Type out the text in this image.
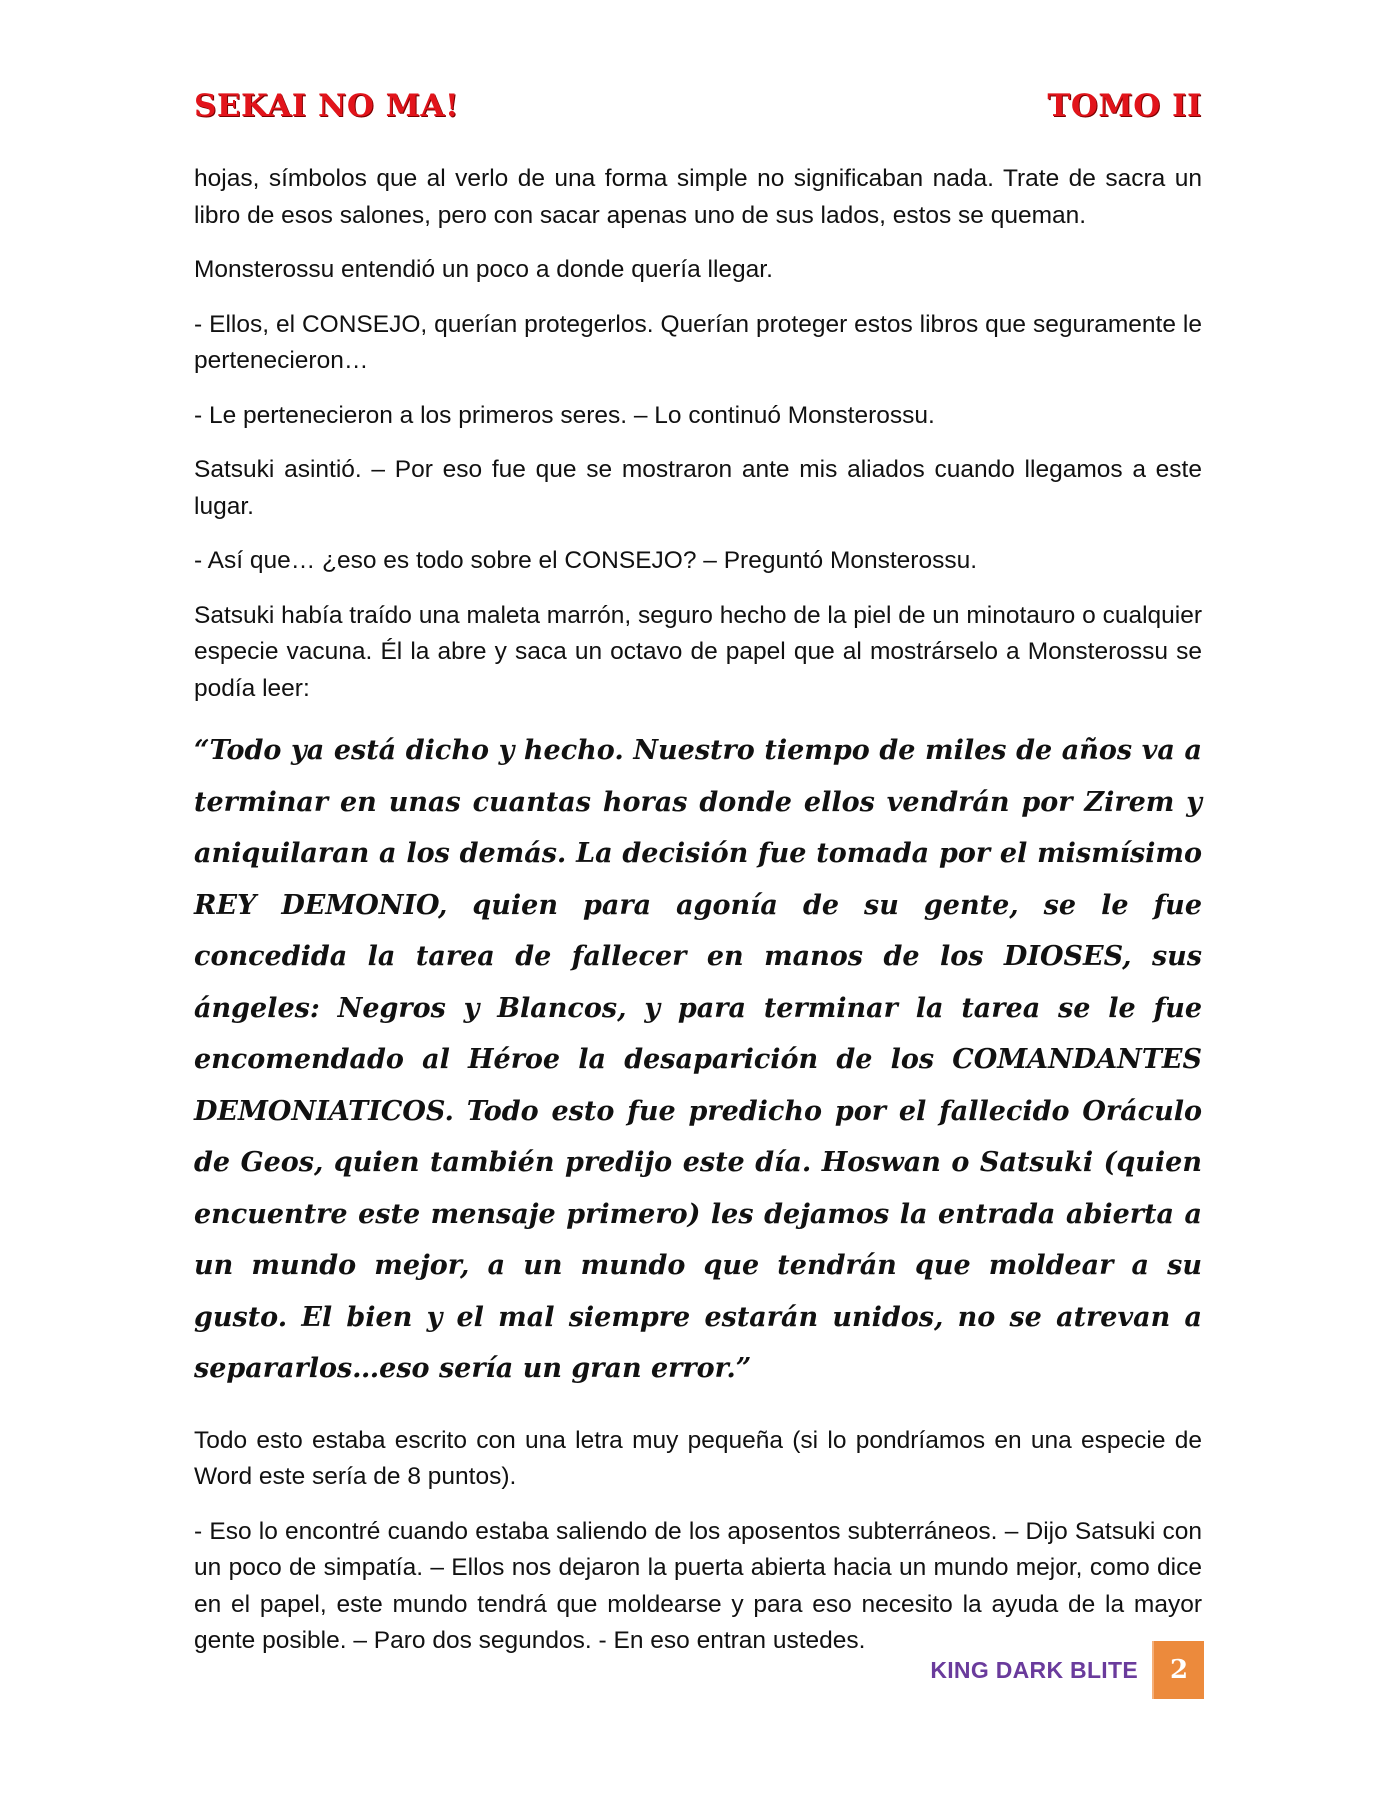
SEKAI NO MA!	TOMO II

hojas, símbolos que al verlo de una forma simple no significaban nada. Trate de sacra un libro de esos salones, pero con sacar apenas uno de sus lados, estos se queman.

Monsterossu entendió un poco a donde quería llegar.

- Ellos, el CONSEJO, querían protegerlos. Querían proteger estos libros que seguramente le pertenecieron…

- Le pertenecieron a los primeros seres. – Lo continuó Monsterossu.

Satsuki asintió. – Por eso fue que se mostraron ante mis aliados cuando llegamos a este lugar.

- Así que… ¿eso es todo sobre el CONSEJO? – Preguntó Monsterossu.

Satsuki había traído una maleta marrón, seguro hecho de la piel de un minotauro o cualquier especie vacuna. Él la abre y saca un octavo de papel que al mostrárselo a Monsterossu se podía leer:

“Todo ya está dicho y hecho. Nuestro tiempo de miles de años va a terminar en unas cuantas horas donde ellos vendrán por Zirem y aniquilaran a los demás. La decisión fue tomada por el mismísimo REY DEMONIO, quien para agonía de su gente, se le fue concedida la tarea de fallecer en manos de los DIOSES, sus ángeles: Negros y Blancos, y para terminar la tarea se le fue encomendado al Héroe la desaparición de los COMANDANTES DEMONIATICOS. Todo esto fue predicho por el fallecido Oráculo de Geos, quien también predijo este día. Hoswan o Satsuki (quien encuentre este mensaje primero) les dejamos la entrada abierta a un mundo mejor, a un mundo que tendrán que moldear a su gusto. El bien y el mal siempre estarán unidos, no se atrevan a separarlos…eso sería un gran error.”

Todo esto estaba escrito con una letra muy pequeña (si lo pondríamos en una especie de Word este sería de 8 puntos).

- Eso lo encontré cuando estaba saliendo de los aposentos subterráneos. – Dijo Satsuki con un poco de simpatía. – Ellos nos dejaron la puerta abierta hacia un mundo mejor, como dice en el papel, este mundo tendrá que moldearse y para eso necesito la ayuda de la mayor gente posible. – Paro dos segundos. - En eso entran ustedes.

KING DARK BLITE 2
